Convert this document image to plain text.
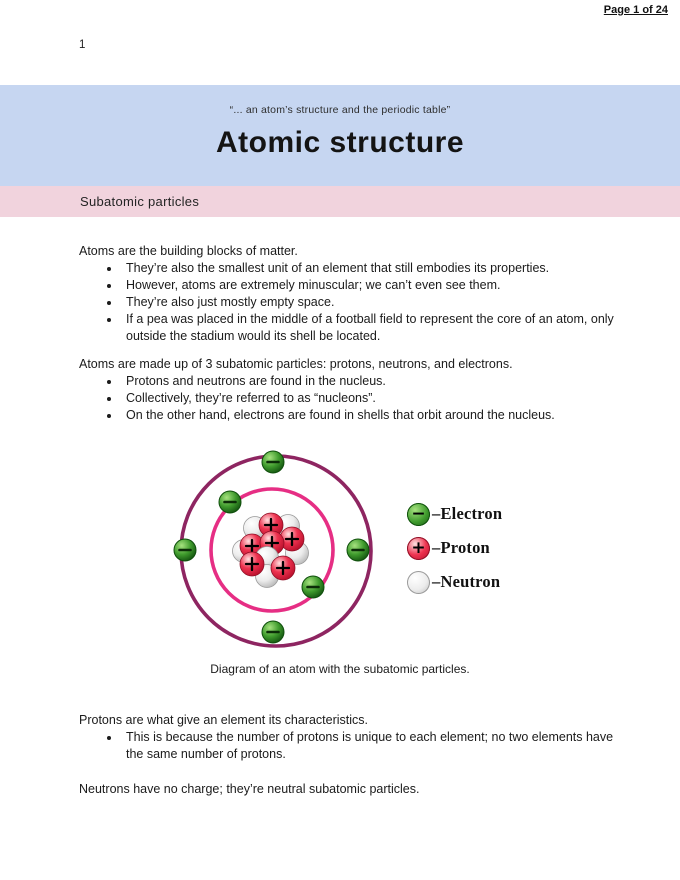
Page 1 of 24
1
“... an atom’s structure and the periodic table”
Atomic structure
Subatomic particles

Atoms are the building blocks of matter.

• They’re also the smallest unit of an element that still embodies its properties.
• However, atoms are extremely minuscular; we can’t even see them.
• They’re also just mostly empty space.
• If a pea was placed in the middle of a football field to represent the core of an atom, only outside the stadium would its shell be located.

Atoms are made up of 3 subatomic particles: protons, neutrons, and electrons.

• Protons and neutrons are found in the nucleus.
• Collectively, they’re referred to as “nucleons”.
• On the other hand, electrons are found in shells that orbit around the nucleus.
− –Electron
+ –Proton
–Neutron
Diagram of an atom with the subatomic particles.

Protons are what give an element its characteristics.

• This is because the number of protons is unique to each element; no two elements have the same number of protons.

Neutrons have no charge; they’re neutral subatomic particles.
